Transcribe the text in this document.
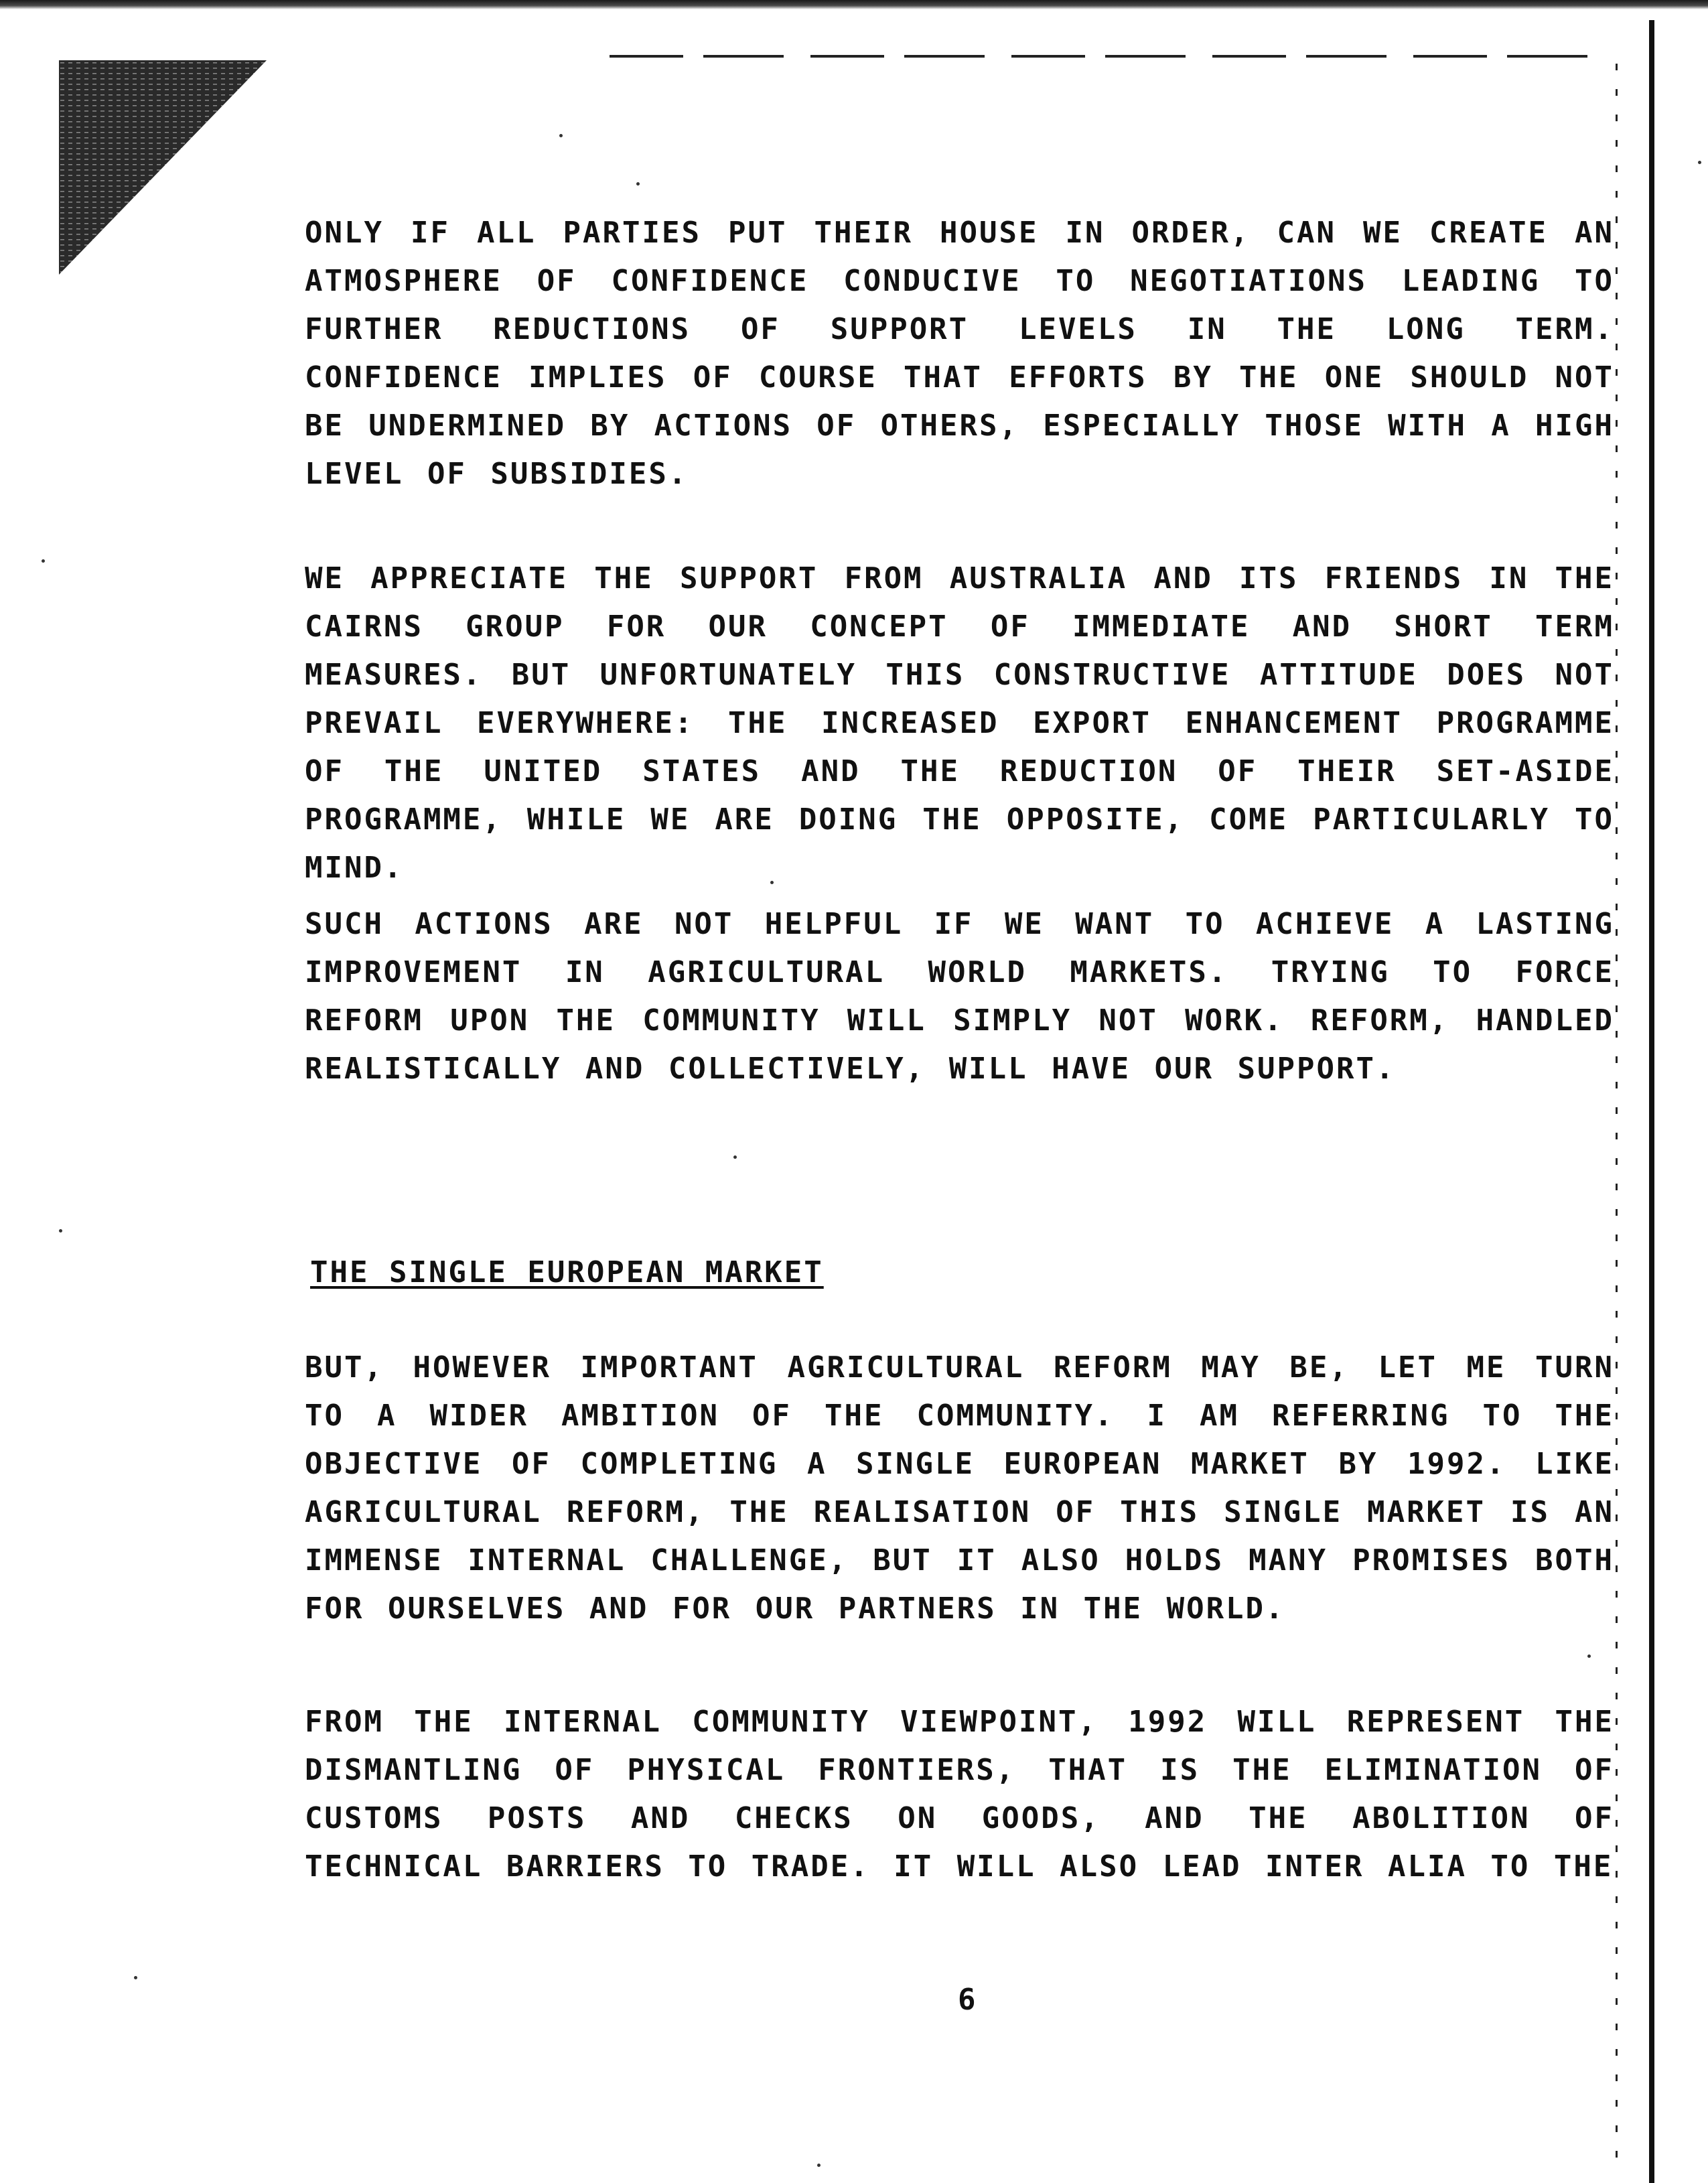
ONLY IF ALL PARTIES PUT THEIR HOUSE IN ORDER, CAN WE CREATE AN ATMOSPHERE OF CONFIDENCE CONDUCIVE TO NEGOTIATIONS LEADING TO FURTHER REDUCTIONS OF SUPPORT LEVELS IN THE LONG TERM. CONFIDENCE IMPLIES OF COURSE THAT EFFORTS BY THE ONE SHOULD NOT BE UNDERMINED BY ACTIONS OF OTHERS, ESPECIALLY THOSE WITH A HIGH LEVEL OF SUBSIDIES.
WE APPRECIATE THE SUPPORT FROM AUSTRALIA AND ITS FRIENDS IN THE CAIRNS GROUP FOR OUR CONCEPT OF IMMEDIATE AND SHORT TERM MEASURES. BUT UNFORTUNATELY THIS CONSTRUCTIVE ATTITUDE DOES NOT PREVAIL EVERYWHERE: THE INCREASED EXPORT ENHANCEMENT PROGRAMME OF THE UNITED STATES AND THE REDUCTION OF THEIR SET-ASIDE PROGRAMME, WHILE WE ARE DOING THE OPPOSITE, COME PARTICULARLY TO MIND.
SUCH ACTIONS ARE NOT HELPFUL IF WE WANT TO ACHIEVE A LASTING IMPROVEMENT IN AGRICULTURAL WORLD MARKETS. TRYING TO FORCE REFORM UPON THE COMMUNITY WILL SIMPLY NOT WORK. REFORM, HANDLED REALISTICALLY AND COLLECTIVELY, WILL HAVE OUR SUPPORT.
THE SINGLE EUROPEAN MARKET
BUT, HOWEVER IMPORTANT AGRICULTURAL REFORM MAY BE, LET ME TURN TO A WIDER AMBITION OF THE COMMUNITY. I AM REFERRING TO THE OBJECTIVE OF COMPLETING A SINGLE EUROPEAN MARKET BY 1992. LIKE AGRICULTURAL REFORM, THE REALISATION OF THIS SINGLE MARKET IS AN IMMENSE INTERNAL CHALLENGE, BUT IT ALSO HOLDS MANY PROMISES BOTH FOR OURSELVES AND FOR OUR PARTNERS IN THE WORLD.
FROM THE INTERNAL COMMUNITY VIEWPOINT, 1992 WILL REPRESENT THE DISMANTLING OF PHYSICAL FRONTIERS, THAT IS THE ELIMINATION OF CUSTOMS POSTS AND CHECKS ON GOODS, AND THE ABOLITION OF TECHNICAL BARRIERS TO TRADE. IT WILL ALSO LEAD INTER ALIA TO THE
6
